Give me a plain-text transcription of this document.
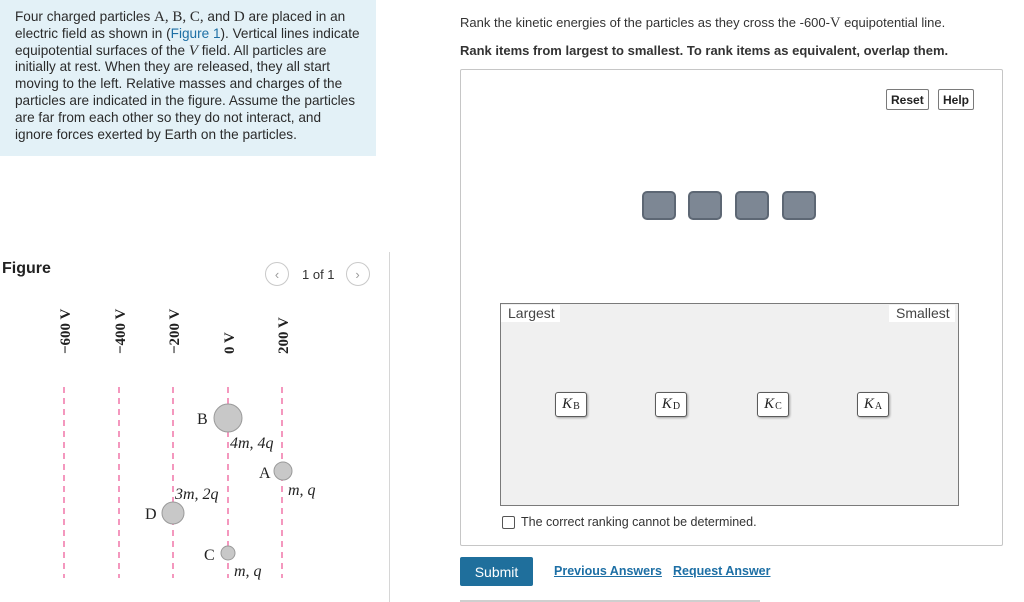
Four charged particles A, B, C, and D are placed in an electric field as shown in (Figure 1). Vertical lines indicate equipotential surfaces of the V field. All particles are initially at rest. When they are released, they all start moving to the left. Relative masses and charges of the particles are indicated in the figure. Assume the particles are far from each other so they do not interact, and ignore forces exerted by Earth on the particles.
Figure	‹	1 of 1	›
−600 V	−400 V	−200 V	0 V	200 V
B
4m, 4q
A
m, q
D
3m, 2q
C
m, q
Rank the kinetic energies of the particles as they cross the -600-V equipotential line.
Rank items from largest to smallest. To rank items as equivalent, overlap them.
Reset	Help
Largest	Smallest
$K_B$	$K_D$	$K_C$	$K_A$
The correct ranking cannot be determined.
Submit	Previous Answers Request Answer
